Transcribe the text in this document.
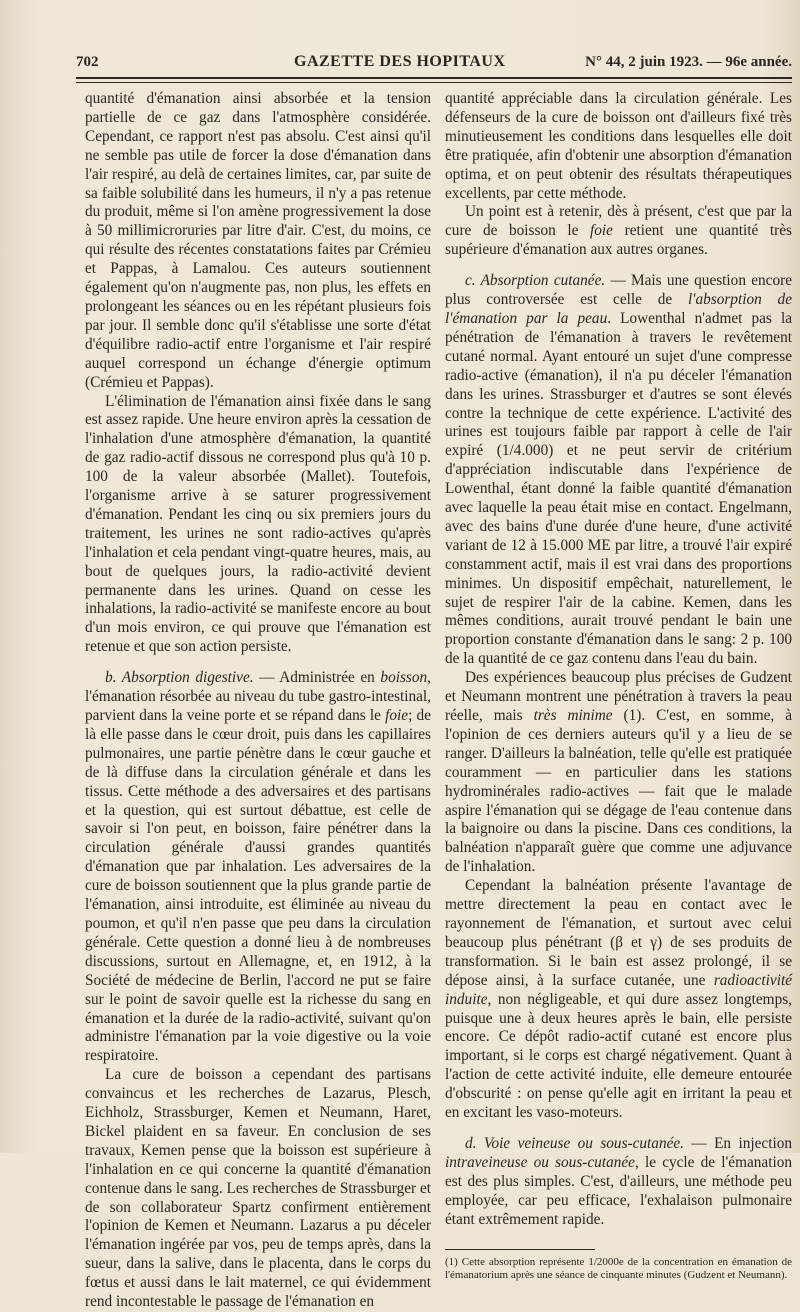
702	GAZETTE DES HOPITAUX	N° 44, 2 juin 1923. — 96e année.

quantité d'émanation ainsi absorbée et la tension partielle de ce gaz dans l'atmosphère considérée. Cependant, ce rapport n'est pas absolu. C'est ainsi qu'il ne semble pas utile de forcer la dose d'émanation dans l'air respiré, au delà de certaines limites, car, par suite de sa faible solubilité dans les humeurs, il n'y a pas retenue du produit, même si l'on amène progressivement la dose à 50 millimicroruries par litre d'air. C'est, du moins, ce qui résulte des récentes constatations faites par Crémieu et Pappas, à Lamalou. Ces auteurs soutiennent également qu'on n'augmente pas, non plus, les effets en prolongeant les séances ou en les répétant plusieurs fois par jour. Il semble donc qu'il s'établisse une sorte d'état d'équilibre radio-actif entre l'organisme et l'air respiré auquel correspond un échange d'énergie optimum (Crémieu et Pappas).

L'élimination de l'émanation ainsi fixée dans le sang est assez rapide. Une heure environ après la cessation de l'inhalation d'une atmosphère d'émanation, la quantité de gaz radio-actif dissous ne correspond plus qu'à 10 p. 100 de la valeur absorbée (Mallet). Toutefois, l'organisme arrive à se saturer progressivement d'émanation. Pendant les cinq ou six premiers jours du traitement, les urines ne sont radio-actives qu'après l'inhalation et cela pendant vingt-quatre heures, mais, au bout de quelques jours, la radio-activité devient permanente dans les urines. Quand on cesse les inhalations, la radio-activité se manifeste encore au bout d'un mois environ, ce qui prouve que l'émanation est retenue et que son action persiste.

b. Absorption digestive. — Administrée en boisson, l'émanation résorbée au niveau du tube gastro-intestinal, parvient dans la veine porte et se répand dans le foie; de là elle passe dans le cœur droit, puis dans les capillaires pulmonaires, une partie pénètre dans le cœur gauche et de là diffuse dans la circulation générale et dans les tissus. Cette méthode a des adversaires et des partisans et la question, qui est surtout débattue, est celle de savoir si l'on peut, en boisson, faire pénétrer dans la circulation générale d'aussi grandes quantités d'émanation que par inhalation. Les adversaires de la cure de boisson soutiennent que la plus grande partie de l'émanation, ainsi introduite, est éliminée au niveau du poumon, et qu'il n'en passe que peu dans la circulation générale. Cette question a donné lieu à de nombreuses discussions, surtout en Allemagne, et, en 1912, à la Société de médecine de Berlin, l'accord ne put se faire sur le point de savoir quelle est la richesse du sang en émanation et la durée de la radio-activité, suivant qu'on administre l'émanation par la voie digestive ou la voie respiratoire.

La cure de boisson a cependant des partisans convaincus et les recherches de Lazarus, Plesch, Eichholz, Strassburger, Kemen et Neumann, Haret, Bickel plaident en sa faveur. En conclusion de ses travaux, Kemen pense que la boisson est supérieure à l'inhalation en ce qui concerne la quantité d'émanation contenue dans le sang. Les recherches de Strassburger et de son collaborateur Spartz confirment entièrement l'opinion de Kemen et Neumann. Lazarus a pu déceler l'émanation ingérée par vos, peu de temps après, dans la sueur, dans la salive, dans le placenta, dans le corps du fœtus et aussi dans le lait maternel, ce qui évidemment rend incontestable le passage de l'émanation en

quantité appréciable dans la circulation générale. Les défenseurs de la cure de boisson ont d'ailleurs fixé très minutieusement les conditions dans lesquelles elle doit être pratiquée, afin d'obtenir une absorption d'émanation optima, et on peut obtenir des résultats thérapeutiques excellents, par cette méthode.

Un point est à retenir, dès à présent, c'est que par la cure de boisson le foie retient une quantité très supérieure d'émanation aux autres organes.

c. Absorption cutanée. — Mais une question encore plus controversée est celle de l'absorption de l'émanation par la peau. Lowenthal n'admet pas la pénétration de l'émanation à travers le revêtement cutané normal. Ayant entouré un sujet d'une compresse radio-active (émanation), il n'a pu déceler l'émanation dans les urines. Strassburger et d'autres se sont élevés contre la technique de cette expérience. L'activité des urines est toujours faible par rapport à celle de l'air expiré (1/4.000) et ne peut servir de critérium d'appréciation indiscutable dans l'expérience de Lowenthal, étant donné la faible quantité d'émanation avec laquelle la peau était mise en contact. Engelmann, avec des bains d'une durée d'une heure, d'une activité variant de 12 à 15.000 ME par litre, a trouvé l'air expiré constamment actif, mais il est vrai dans des proportions minimes. Un dispositif empêchait, naturellement, le sujet de respirer l'air de la cabine. Kemen, dans les mêmes conditions, aurait trouvé pendant le bain une proportion constante d'émanation dans le sang: 2 p. 100 de la quantité de ce gaz contenu dans l'eau du bain.

Des expériences beaucoup plus précises de Gudzent et Neumann montrent une pénétration à travers la peau réelle, mais très minime (1). C'est, en somme, à l'opinion de ces derniers auteurs qu'il y a lieu de se ranger. D'ailleurs la balnéation, telle qu'elle est pratiquée couramment — en particulier dans les stations hydrominérales radio-actives — fait que le malade aspire l'émanation qui se dégage de l'eau contenue dans la baignoire ou dans la piscine. Dans ces conditions, la balnéation n'apparaît guère que comme une adjuvance de l'inhalation.

Cependant la balnéation présente l'avantage de mettre directement la peau en contact avec le rayonnement de l'émanation, et surtout avec celui beaucoup plus pénétrant (β et γ) de ses produits de transformation. Si le bain est assez prolongé, il se dépose ainsi, à la surface cutanée, une radioactivité induite, non négligeable, et qui dure assez longtemps, puisque une à deux heures après le bain, elle persiste encore. Ce dépôt radio-actif cutané est encore plus important, si le corps est chargé négativement. Quant à l'action de cette activité induite, elle demeure entourée d'obscurité : on pense qu'elle agit en irritant la peau et en excitant les vaso-moteurs.

d. Voie veineuse ou sous-cutanée. — En injection intraveineuse ou sous-cutanée, le cycle de l'émanation est des plus simples. C'est, d'ailleurs, une méthode peu employée, car peu efficace, l'exhalaison pulmonaire étant extrêmement rapide.

(1) Cette absorption représente 1/2000e de la concentration en émanation de l'émanatorium après une séance de cinquante minutes (Gudzent et Neumann).
